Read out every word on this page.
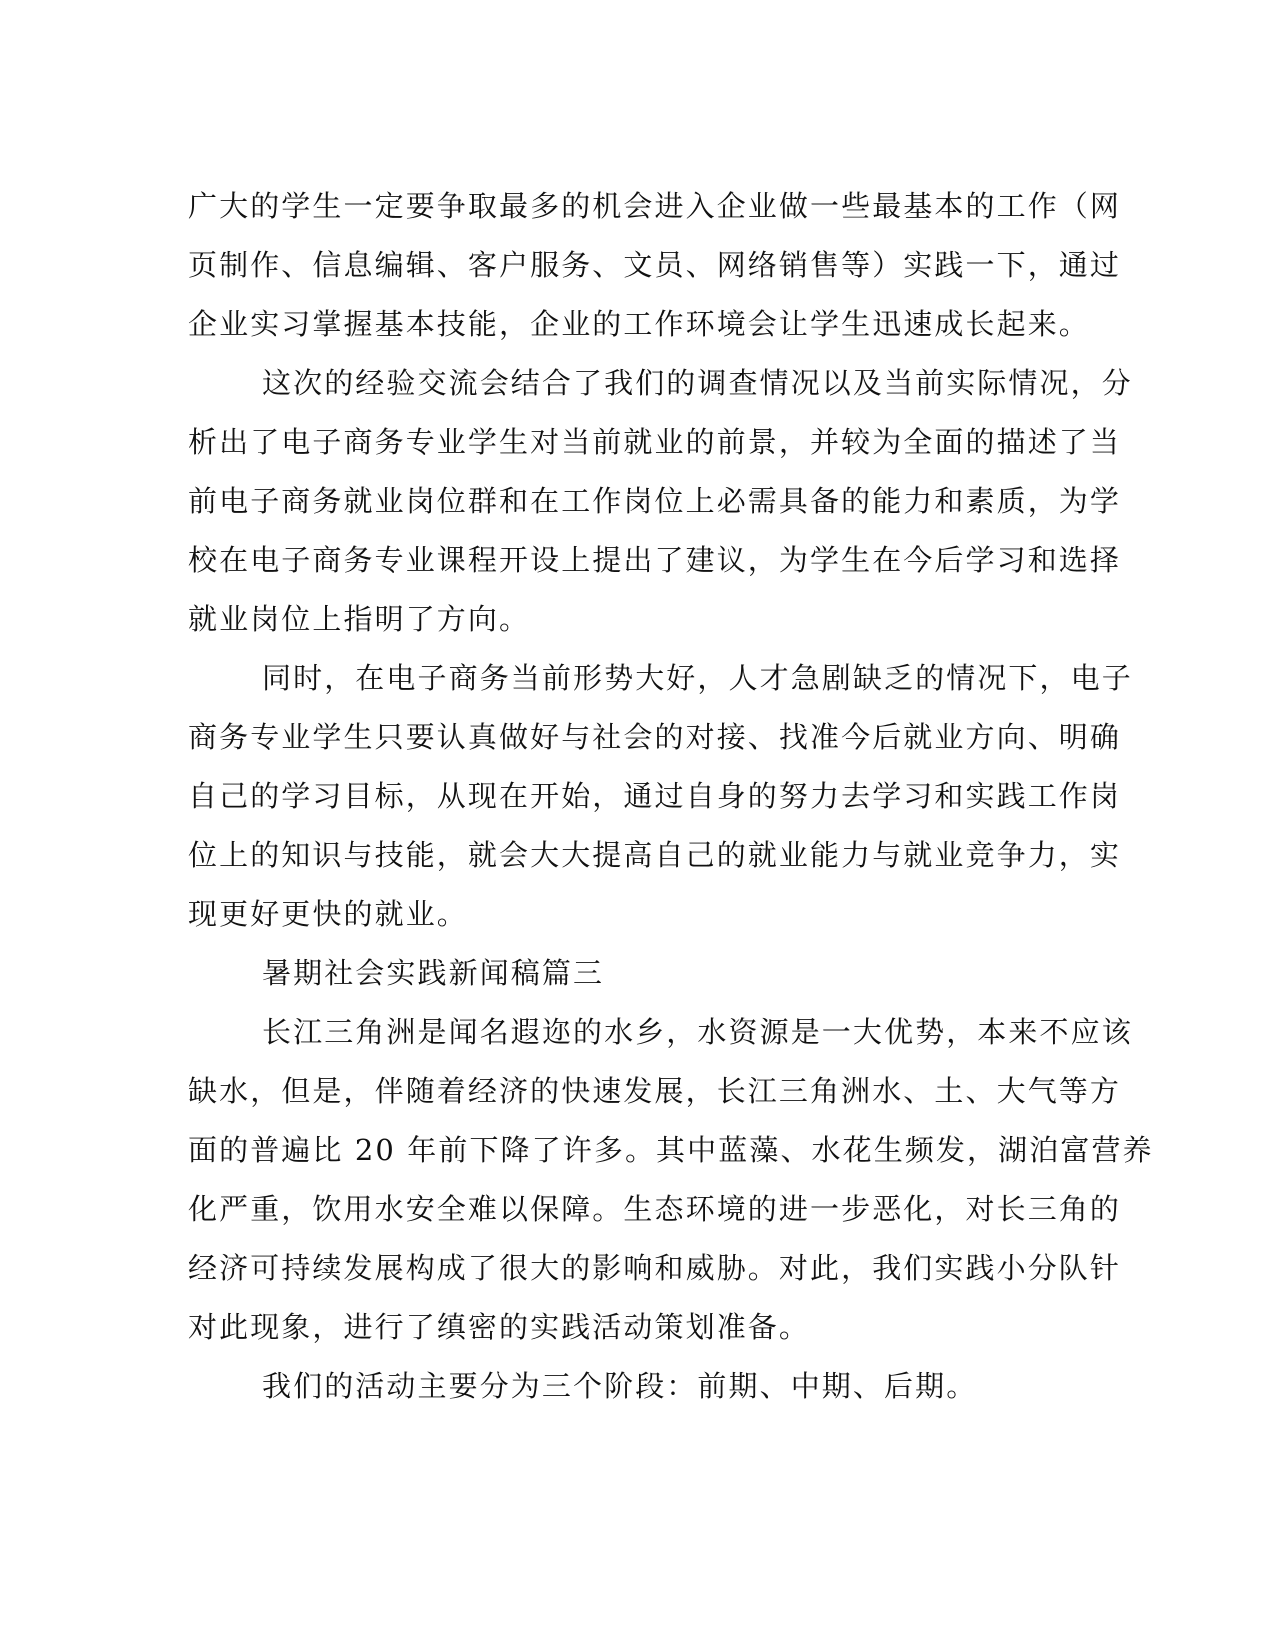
广大的学生一定要争取最多的机会进入企业做一些最基本的工作（网
页制作、信息编辑、客户服务、文员、网络销售等）实践一下，通过
企业实习掌握基本技能，企业的工作环境会让学生迅速成长起来。
这次的经验交流会结合了我们的调查情况以及当前实际情况，分
析出了电子商务专业学生对当前就业的前景，并较为全面的描述了当
前电子商务就业岗位群和在工作岗位上必需具备的能力和素质，为学
校在电子商务专业课程开设上提出了建议，为学生在今后学习和选择
就业岗位上指明了方向。
同时，在电子商务当前形势大好，人才急剧缺乏的情况下，电子
商务专业学生只要认真做好与社会的对接、找准今后就业方向、明确
自己的学习目标，从现在开始，通过自身的努力去学习和实践工作岗
位上的知识与技能，就会大大提高自己的就业能力与就业竞争力，实
现更好更快的就业。
暑期社会实践新闻稿篇三
长江三角洲是闻名遐迩的水乡，水资源是一大优势，本来不应该
缺水，但是，伴随着经济的快速发展，长江三角洲水、土、大气等方
面的普遍比 20 年前下降了许多。其中蓝藻、水花生频发，湖泊富营养
化严重，饮用水安全难以保障。生态环境的进一步恶化，对长三角的
经济可持续发展构成了很大的影响和威胁。对此，我们实践小分队针
对此现象，进行了缜密的实践活动策划准备。
我们的活动主要分为三个阶段：前期、中期、后期。
